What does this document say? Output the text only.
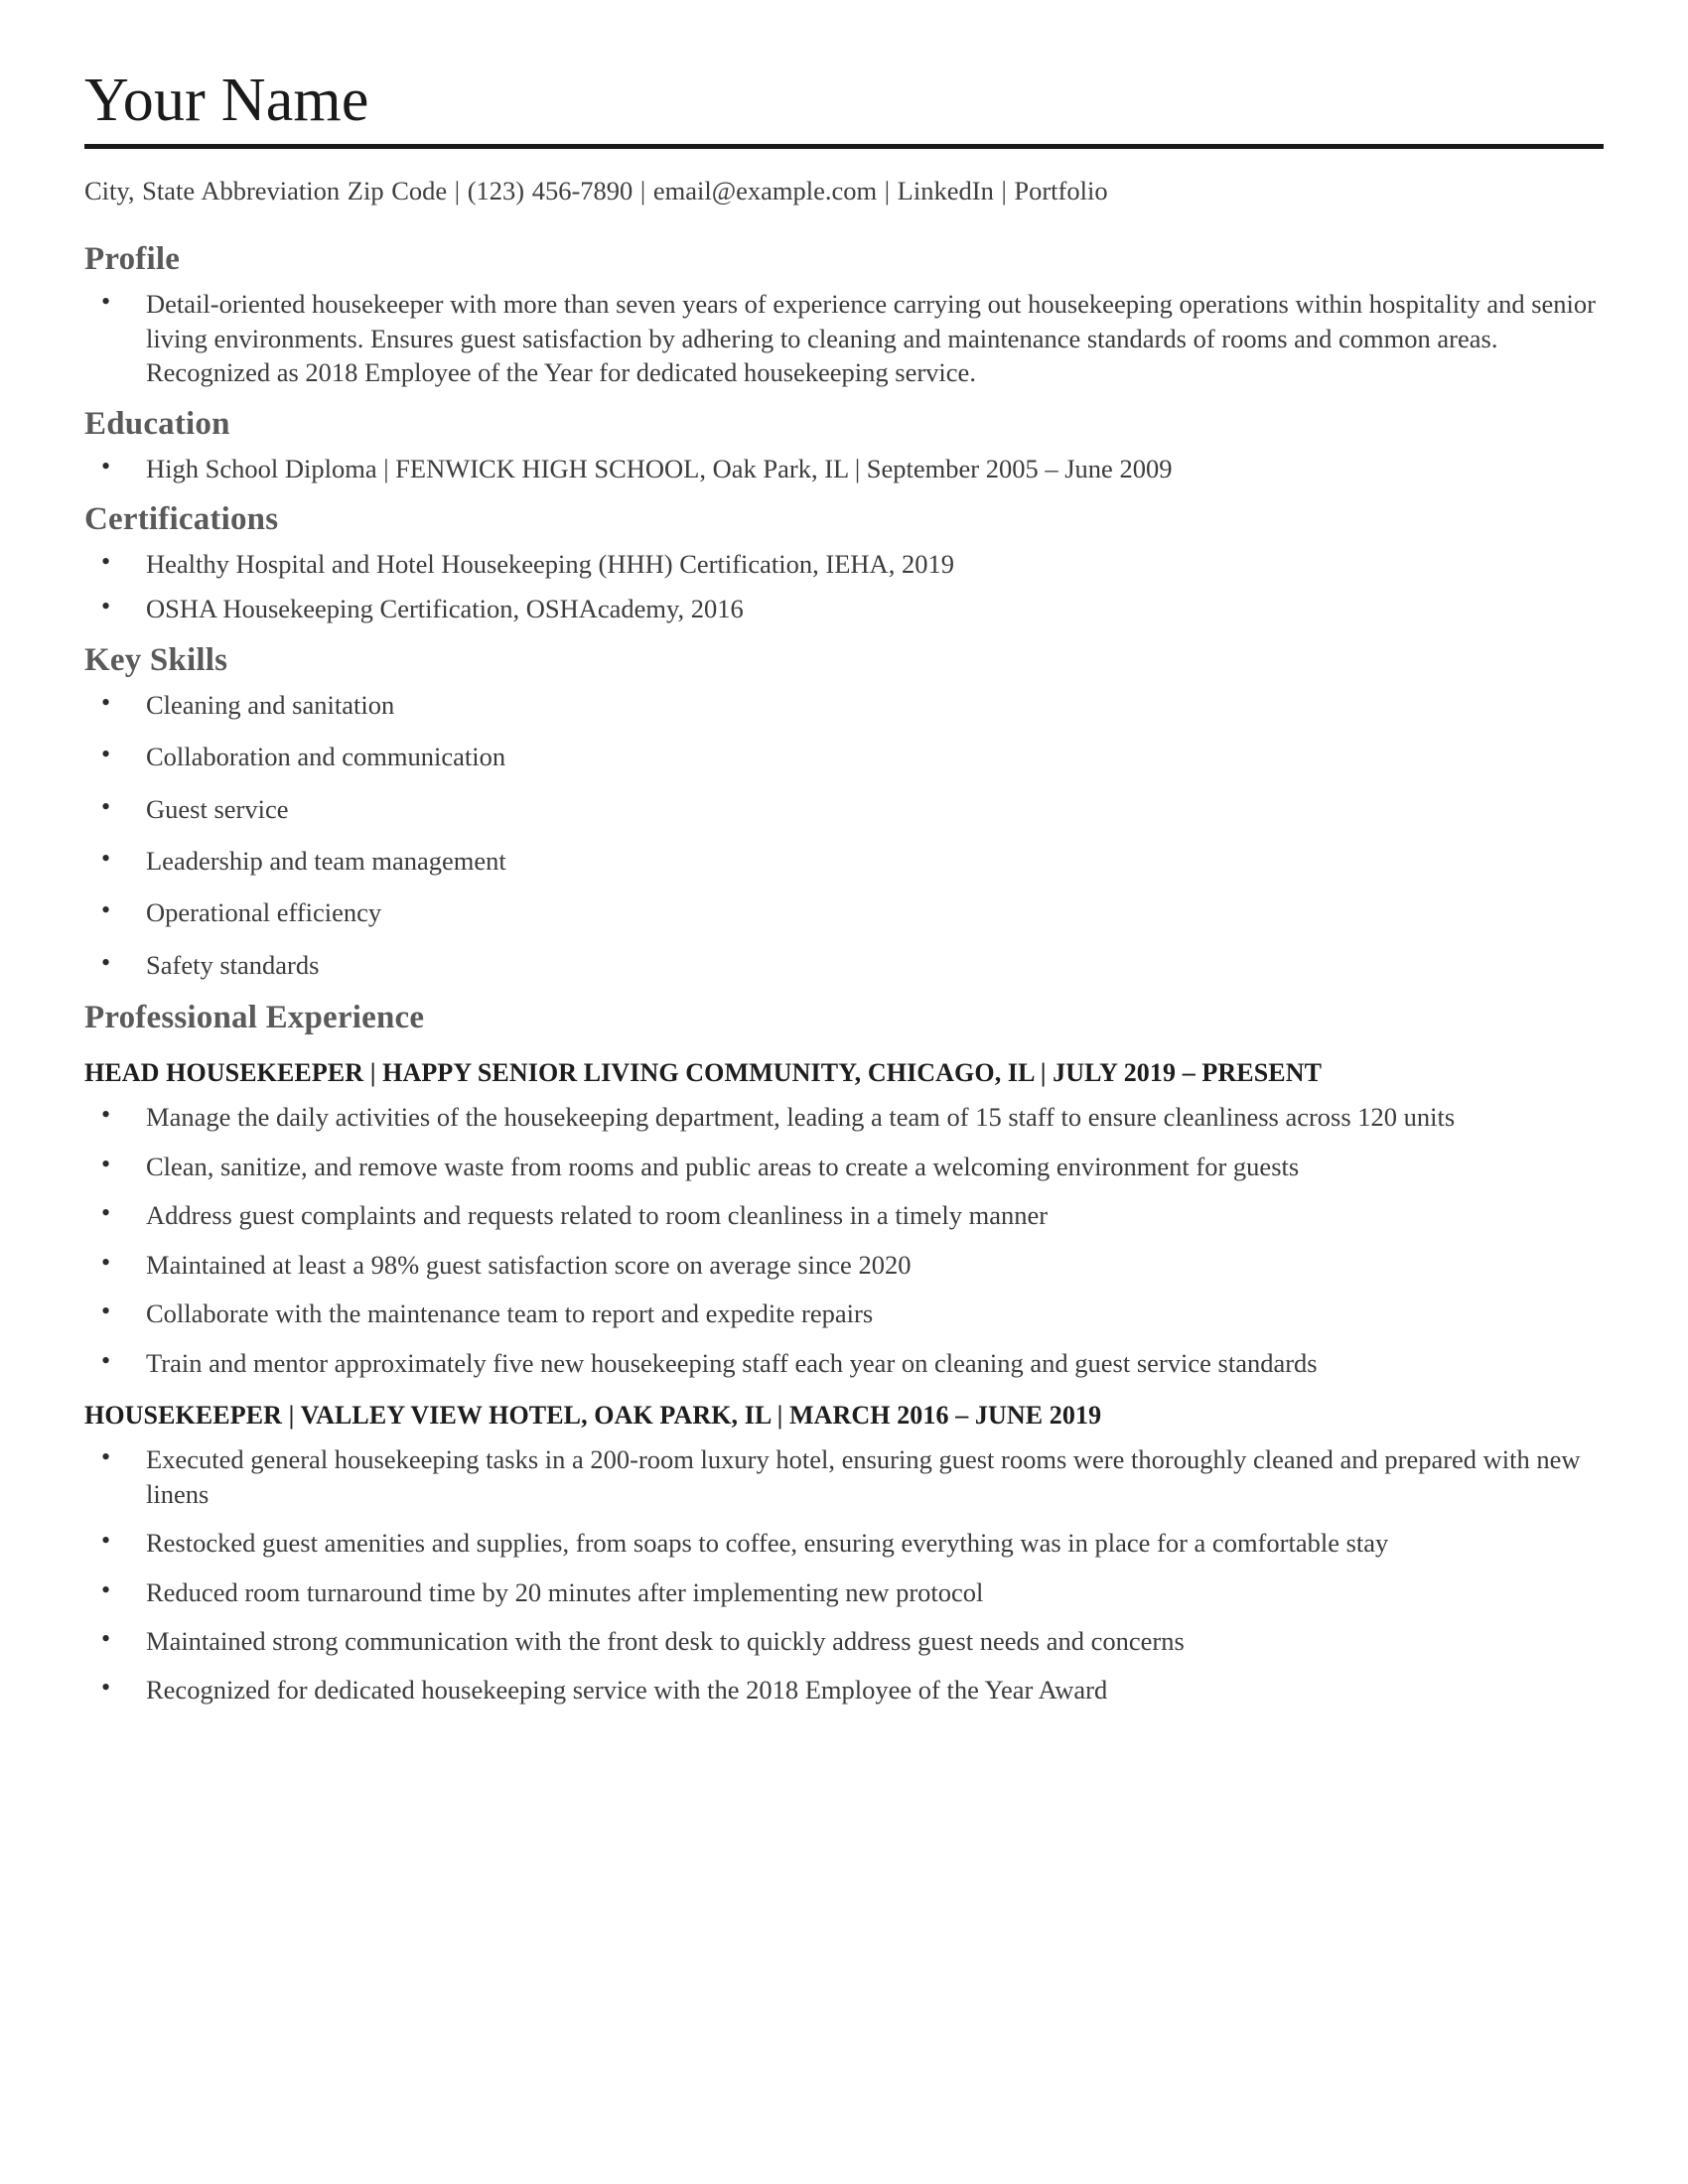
Your Name
City, State Abbreviation Zip Code | (123) 456-7890 | email@example.com | LinkedIn | Portfolio
Profile
• Detail-oriented housekeeper with more than seven years of experience carrying out housekeeping operations within hospitality and senior living environments. Ensures guest satisfaction by adhering to cleaning and maintenance standards of rooms and common areas. Recognized as 2018 Employee of the Year for dedicated housekeeping service.
Education
• High School Diploma | FENWICK HIGH SCHOOL, Oak Park, IL | September 2005 – June 2009
Certifications
• Healthy Hospital and Hotel Housekeeping (HHH) Certification, IEHA, 2019
• OSHA Housekeeping Certification, OSHAcademy, 2016
Key Skills
• Cleaning and sanitation
• Collaboration and communication
• Guest service
• Leadership and team management
• Operational efficiency
• Safety standards
Professional Experience
HEAD HOUSEKEEPER | HAPPY SENIOR LIVING COMMUNITY, CHICAGO, IL | JULY 2019 – PRESENT
• Manage the daily activities of the housekeeping department, leading a team of 15 staff to ensure cleanliness across 120 units
• Clean, sanitize, and remove waste from rooms and public areas to create a welcoming environment for guests
• Address guest complaints and requests related to room cleanliness in a timely manner
• Maintained at least a 98% guest satisfaction score on average since 2020
• Collaborate with the maintenance team to report and expedite repairs
• Train and mentor approximately five new housekeeping staff each year on cleaning and guest service standards
HOUSEKEEPER | VALLEY VIEW HOTEL, OAK PARK, IL | MARCH 2016 – JUNE 2019
• Executed general housekeeping tasks in a 200-room luxury hotel, ensuring guest rooms were thoroughly cleaned and prepared with new linens
• Restocked guest amenities and supplies, from soaps to coffee, ensuring everything was in place for a comfortable stay
• Reduced room turnaround time by 20 minutes after implementing new protocol
• Maintained strong communication with the front desk to quickly address guest needs and concerns
• Recognized for dedicated housekeeping service with the 2018 Employee of the Year Award
